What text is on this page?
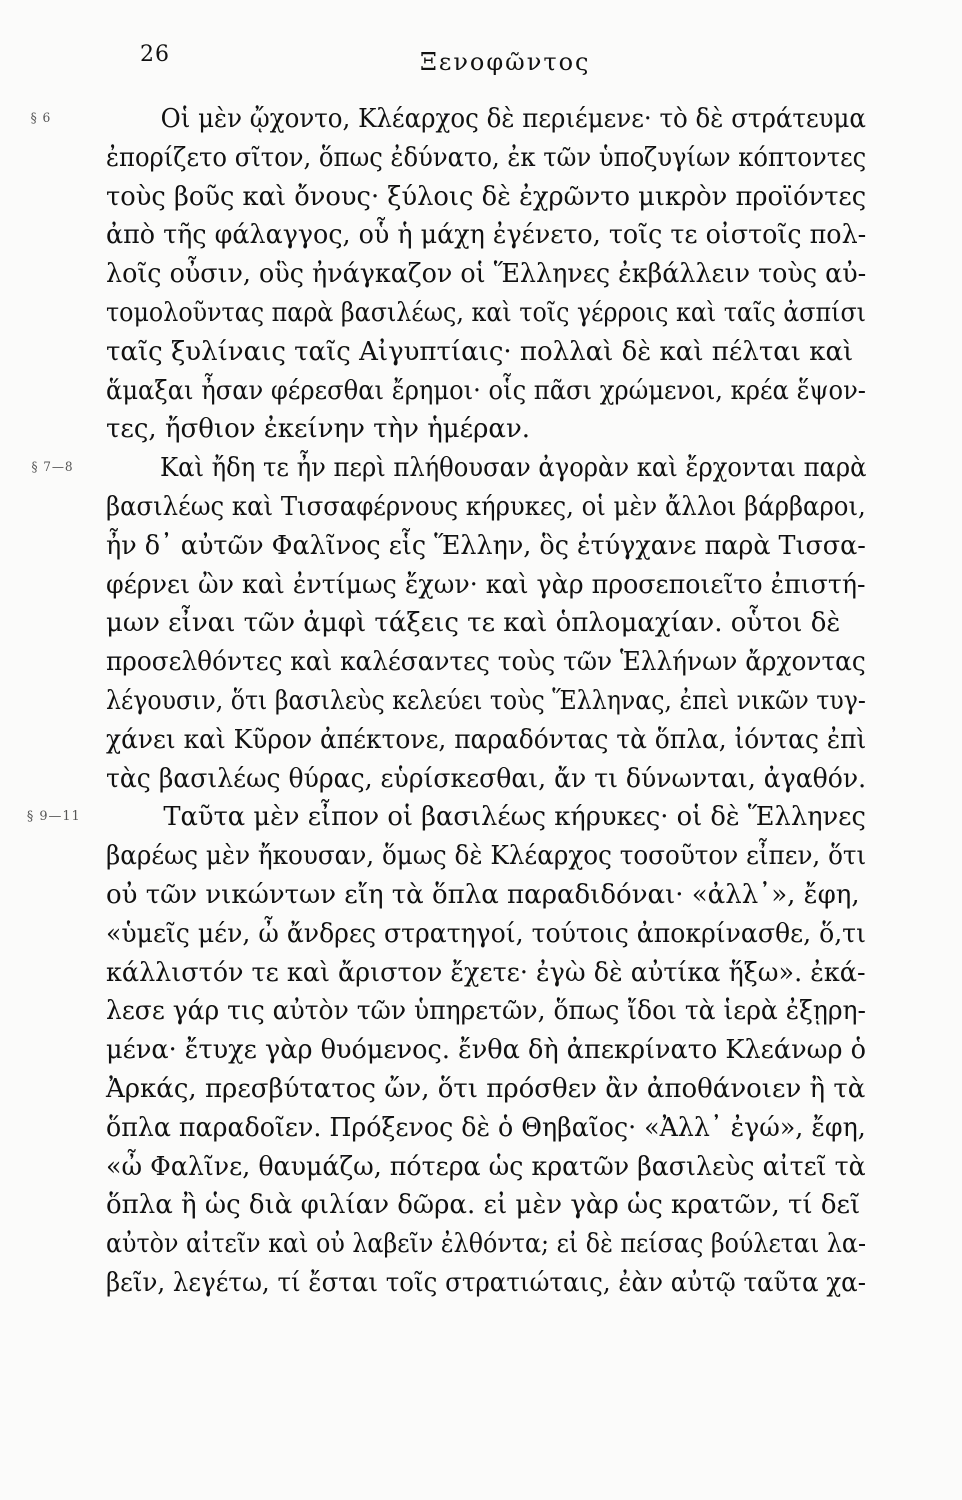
26	Ξενοφῶντος
§ 6	Οἱ μὲν ᾤχοντο, Κλέαρχος δὲ περιέμενε· τὸ δὲ στράτευμα
ἐπορίζετο σῖτον, ὅπως ἐδύνατο, ἐκ τῶν ὑποζυγίων κόπτοντες
τοὺς βοῦς καὶ ὄνους· ξύλοις δὲ ἐχρῶντο μικρὸν προϊόντες
ἀπὸ τῆς φάλαγγος, οὗ ἡ μάχη ἐγένετο, τοῖς τε οἰστοῖς πολ-
λοῖς οὖσιν, οὓς ἠνάγκαζον οἱ Ἕλληνες ἐκβάλλειν τοὺς αὐ-
τομολοῦντας παρὰ βασιλέως, καὶ τοῖς γέρροις καὶ ταῖς ἀσπίσι
ταῖς ξυλίναις ταῖς Αἰγυπτίαις· πολλαὶ δὲ καὶ πέλται καὶ
ἅμαξαι ἦσαν φέρεσθαι ἔρημοι· οἷς πᾶσι χρώμενοι, κρέα ἕψον-
τες, ἤσθιον ἐκείνην τὴν ἡμέραν.
§ 7—8	Καὶ ἤδη τε ἦν περὶ πλήθουσαν ἀγορὰν καὶ ἔρχονται παρὰ
βασιλέως καὶ Τισσαφέρνους κήρυκες, οἱ μὲν ἄλλοι βάρβαροι,
ἦν δ᾽ αὐτῶν Φαλῖνος εἷς Ἕλλην, ὃς ἐτύγχανε παρὰ Τισσα-
φέρνει ὢν καὶ ἐντίμως ἔχων· καὶ γὰρ προσεποιεῖτο ἐπιστή-
μων εἶναι τῶν ἀμφὶ τάξεις τε καὶ ὁπλομαχίαν. οὗτοι δὲ
προσελθόντες καὶ καλέσαντες τοὺς τῶν Ἑλλήνων ἄρχοντας
λέγουσιν, ὅτι βασιλεὺς κελεύει τοὺς Ἕλληνας, ἐπεὶ νικῶν τυγ-
χάνει καὶ Κῦρον ἀπέκτονε, παραδόντας τὰ ὅπλα, ἰόντας ἐπὶ
τὰς βασιλέως θύρας, εὑρίσκεσθαι, ἄν τι δύνωνται, ἀγαθόν.
§ 9—11	Ταῦτα μὲν εἶπον οἱ βασιλέως κήρυκες· οἱ δὲ Ἕλληνες
βαρέως μὲν ἤκουσαν, ὅμως δὲ Κλέαρχος τοσοῦτον εἶπεν, ὅτι
οὐ τῶν νικώντων εἴη τὰ ὅπλα παραδιδόναι· «ἀλλ᾽», ἔφη,
«ὑμεῖς μέν, ὦ ἄνδρες στρατηγοί, τούτοις ἀποκρίνασθε, ὅ,τι
κάλλιστόν τε καὶ ἄριστον ἔχετε· ἐγὼ δὲ αὐτίκα ἥξω». ἐκά-
λεσε γάρ τις αὐτὸν τῶν ὑπηρετῶν, ὅπως ἴδοι τὰ ἱερὰ ἐξῃρη-
μένα· ἔτυχε γὰρ θυόμενος. ἔνθα δὴ ἀπεκρίνατο Κλεάνωρ ὁ
Ἀρκάς, πρεσβύτατος ὤν, ὅτι πρόσθεν ἂν ἀποθάνοιεν ἢ τὰ
ὅπλα παραδοῖεν. Πρόξενος δὲ ὁ Θηβαῖος· «Ἀλλ᾽ ἐγώ», ἔφη,
«ὦ Φαλῖνε, θαυμάζω, πότερα ὡς κρατῶν βασιλεὺς αἰτεῖ τὰ
ὅπλα ἢ ὡς διὰ φιλίαν δῶρα. εἰ μὲν γὰρ ὡς κρατῶν, τί δεῖ
αὐτὸν αἰτεῖν καὶ οὐ λαβεῖν ἐλθόντα; εἰ δὲ πείσας βούλεται λα-
βεῖν, λεγέτω, τί ἔσται τοῖς στρατιώταις, ἐὰν αὐτῷ ταῦτα χα-
